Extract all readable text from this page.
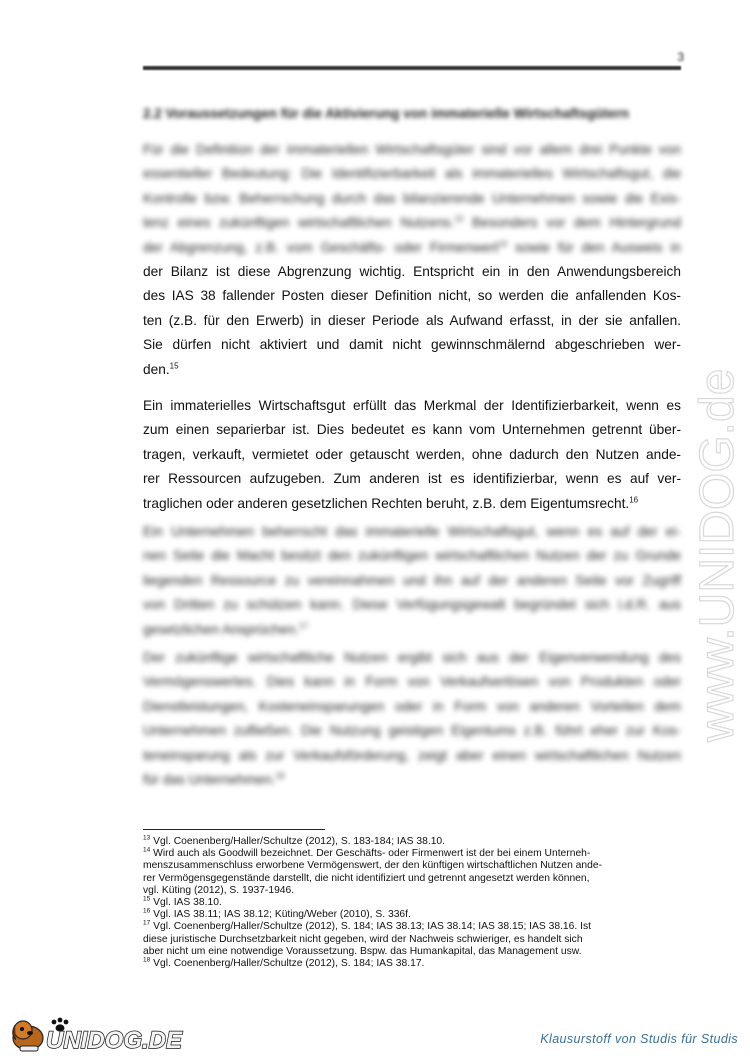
3
2.2 Voraussetzungen für die Aktivierung von immaterielle Wirtschaftsgütern
Für die Definition der immateriellen Wirtschaftsgüter sind vor allem drei Punkte von
essentieller Bedeutung: Die Identifizierbarkeit als immaterielles Wirtschaftsgut, die
Kontrolle bzw. Beherrschung durch das bilanzierende Unternehmen sowie die Exis-
tenz eines zukünftigen wirtschaftlichen Nutzens.$^{13}$ Besonders vor dem Hintergrund
der Abgrenzung, z.B. vom Geschäfts- oder Firmenwert$^{14}$ sowie für den Ausweis in
der Bilanz ist diese Abgrenzung wichtig. Entspricht ein in den Anwendungsbereich
des IAS 38 fallender Posten dieser Definition nicht, so werden die anfallenden Kos-
ten (z.B. für den Erwerb) in dieser Periode als Aufwand erfasst, in der sie anfallen.
Sie dürfen nicht aktiviert und damit nicht gewinnschmälernd abgeschrieben wer-
den.$^{15}$
Ein immaterielles Wirtschaftsgut erfüllt das Merkmal der Identifizierbarkeit, wenn es
zum einen separierbar ist. Dies bedeutet es kann vom Unternehmen getrennt über-
tragen, verkauft, vermietet oder getauscht werden, ohne dadurch den Nutzen ande-
rer Ressourcen aufzugeben. Zum anderen ist es identifizierbar, wenn es auf ver-
traglichen oder anderen gesetzlichen Rechten beruht, z.B. dem Eigentumsrecht.$^{16}$
Ein Unternehmen beherrscht das immaterielle Wirtschaftsgut, wenn es auf der ei-
nen Seite die Macht besitzt den zukünftigen wirtschaftlichen Nutzen der zu Grunde
liegenden Ressource zu vereinnahmen und ihn auf der anderen Seite vor Zugriff
von Dritten zu schützen kann. Diese Verfügungsgewalt begründet sich i.d.R. aus
gesetzlichen Ansprüchen.$^{17}$
Der zukünftige wirtschaftliche Nutzen ergibt sich aus der Eigenverwendung des
Vermögenswertes. Dies kann in Form von Verkaufserlösen von Produkten oder
Dienstleistungen, Kosteneinsparungen oder in Form von anderen Vorteilen dem
Unternehmen zufließen. Die Nutzung geistigen Eigentums z.B. führt eher zur Kos-
teneinsparung als zur Verkaufsförderung, zeigt aber einen wirtschaftlichen Nutzen
für das Unternehmen.$^{18}$
$^{13}$ Vgl. Coenenberg/Haller/Schultze (2012), S. 183-184; IAS 38.10.
$^{14}$ Wird auch als Goodwill bezeichnet. Der Geschäfts- oder Firmenwert ist der bei einem Unterneh-
menszusammenschluss erworbene Vermögenswert, der den künftigen wirtschaftlichen Nutzen ande-
rer Vermögensgegenstände darstellt, die nicht identifiziert und getrennt angesetzt werden können,
vgl. Küting (2012), S. 1937-1946.
$^{15}$ Vgl. IAS 38.10.
$^{16}$ Vgl. IAS 38.11; IAS 38.12; Küting/Weber (2010), S. 336f.
$^{17}$ Vgl. Coenenberg/Haller/Schultze (2012), S. 184; IAS 38.13; IAS 38.14; IAS 38.15; IAS 38.16. Ist
diese juristische Durchsetzbarkeit nicht gegeben, wird der Nachweis schwieriger, es handelt sich
aber nicht um eine notwendige Voraussetzung. Bspw. das Humankapital, das Management usw.
$^{18}$ Vgl. Coenenberg/Haller/Schultze (2012), S. 184; IAS 38.17.
www.UNIDOG.de
UNIDOG.DE	Klausurstoff von Studis für Studis
